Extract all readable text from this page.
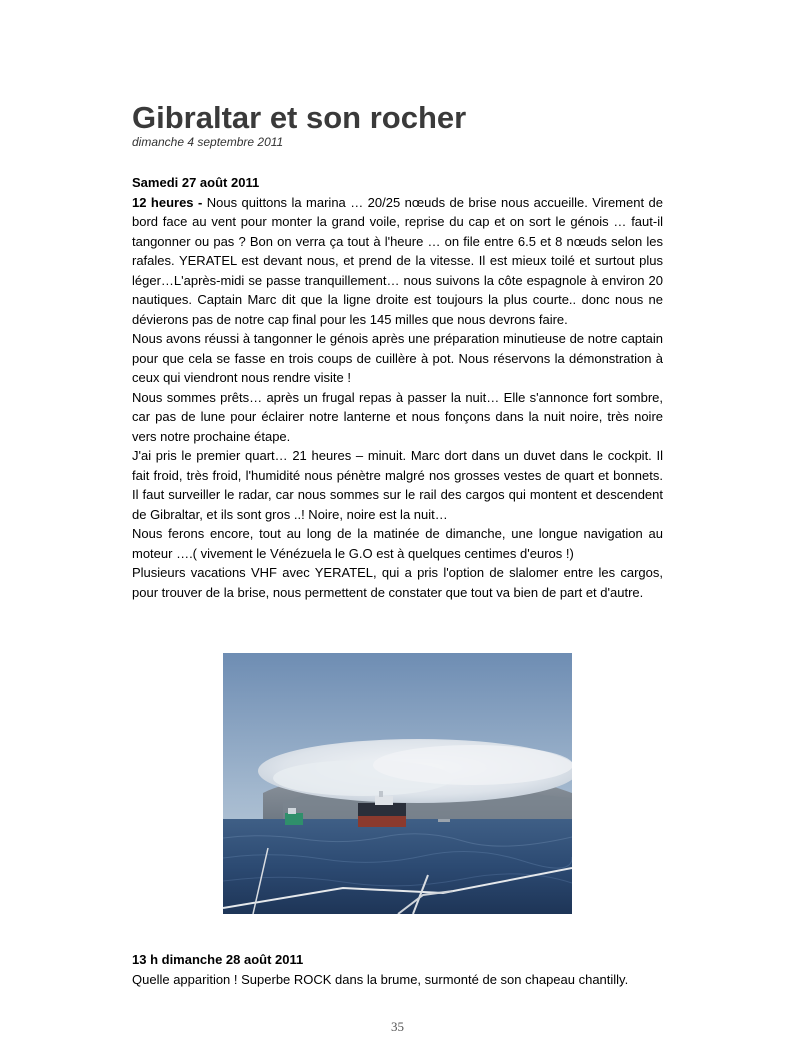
Gibraltar et son rocher
dimanche 4 septembre 2011

Samedi 27 août 2011

12 heures - Nous quittons la marina … 20/25 nœuds de brise nous accueille. Virement de bord face au vent pour monter la grand voile, reprise du cap et on sort le génois … faut-il tangonner ou pas ? Bon on verra ça tout à l'heure … on file entre 6.5 et 8 nœuds selon les rafales. YERATEL est devant nous, et prend de la vitesse. Il est mieux toilé et surtout plus léger…L'après-midi se passe tranquillement… nous suivons la côte espagnole à environ 20 nautiques. Captain Marc dit que la ligne droite est toujours la plus courte.. donc nous ne dévierons pas de notre cap final pour les 145 milles que nous devrons faire.

Nous avons réussi à tangonner le génois après une préparation minutieuse de notre captain pour que cela se fasse en trois coups de cuillère à pot. Nous réservons la démonstration à ceux qui viendront nous rendre visite !

Nous sommes prêts… après un frugal repas à passer la nuit… Elle s'annonce fort sombre, car pas de lune pour éclairer notre lanterne et nous fonçons dans la nuit noire, très noire vers notre prochaine étape.

J'ai pris le premier quart… 21 heures – minuit. Marc dort dans un duvet dans le cockpit. Il fait froid, très froid, l'humidité nous pénètre malgré nos grosses vestes de quart et bonnets. Il faut surveiller le radar, car nous sommes sur le rail des cargos qui montent et descendent de Gibraltar, et ils sont gros ..! Noire, noire est la nuit…

Nous ferons encore, tout au long de la matinée de dimanche, une longue navigation au moteur ….( vivement le Vénézuela le G.O est à quelques centimes d'euros !)

Plusieurs vacations VHF avec YERATEL, qui a pris l'option de slalomer entre les cargos, pour trouver de la brise, nous permettent de constater que tout va bien de part et d'autre.

13 h dimanche 28 août 2011

Quelle apparition ! Superbe ROCK dans la brume, surmonté de son chapeau chantilly.

35
